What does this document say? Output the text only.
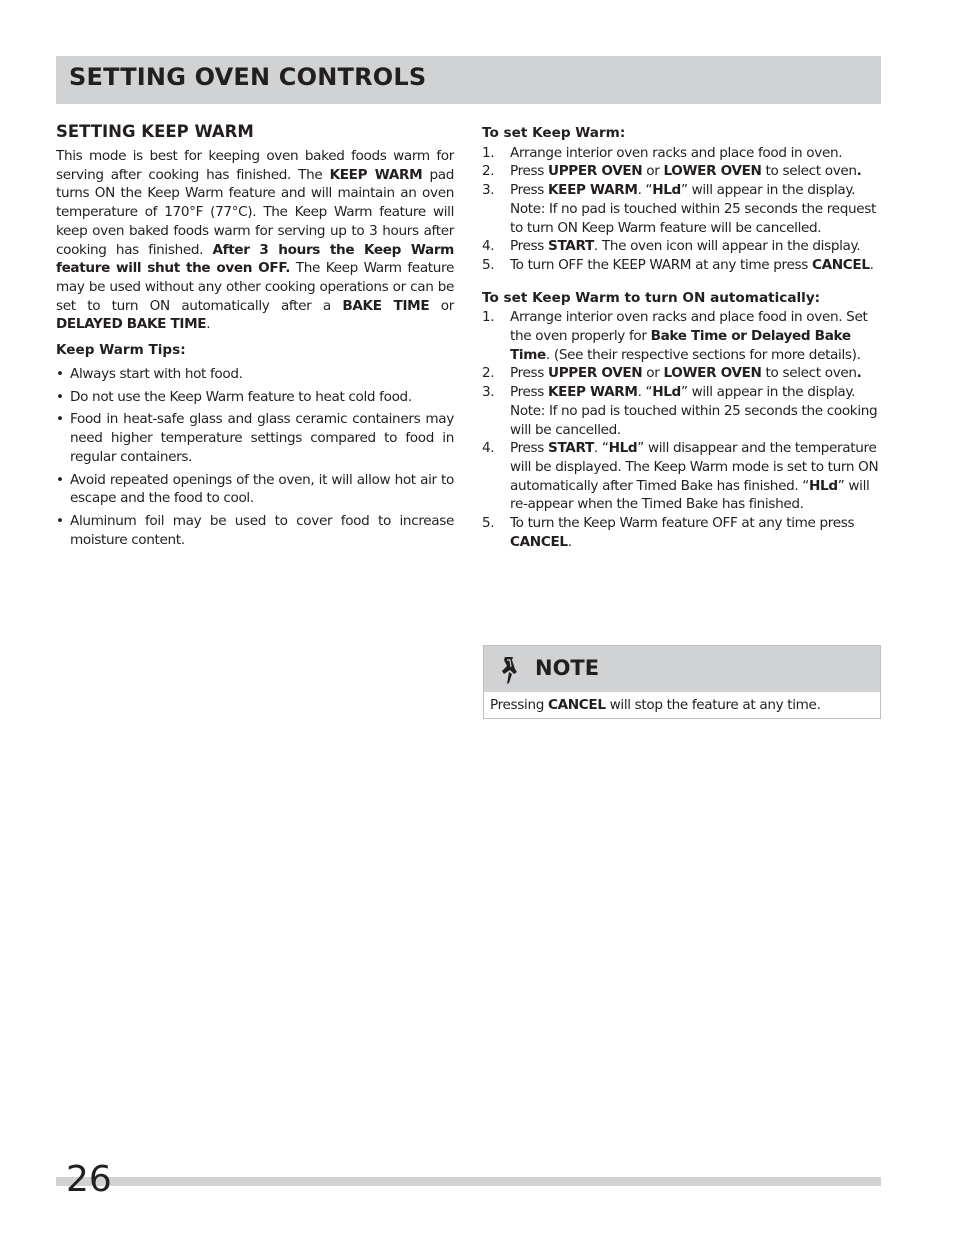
SETTING OVEN CONTROLS
SETTING KEEP WARM

This mode is best for keeping oven baked foods warm for serving after cooking has finished. The KEEP WARM pad turns ON the Keep Warm feature and will maintain an oven temperature of 170°F (77°C). The Keep Warm feature will keep oven baked foods warm for serving up to 3 hours after cooking has finished. After 3 hours the Keep Warm feature will shut the oven OFF. The Keep Warm feature may be used without any other cooking operations or can be set to turn ON automatically after a BAKE TIME or DELAYED BAKE TIME.

Keep Warm Tips:
• Always start with hot food.
• Do not use the Keep Warm feature to heat cold food.
• Food in heat-safe glass and glass ceramic containers may need higher temperature settings compared to food in regular containers.
• Avoid repeated openings of the oven, it will allow hot air to escape and the food to cool.
• Aluminum foil may be used to cover food to increase moisture content.
To set Keep Warm:
1. Arrange interior oven racks and place food in oven.
2. Press UPPER OVEN or LOWER OVEN to select oven.
3. Press KEEP WARM. “HLd” will appear in the display. Note: If no pad is touched within 25 seconds the request to turn ON Keep Warm feature will be cancelled.
4. Press START. The oven icon will appear in the display.
5. To turn OFF the KEEP WARM at any time press CANCEL.
To set Keep Warm to turn ON automatically:
1. Arrange interior oven racks and place food in oven. Set the oven properly for Bake Time or Delayed Bake Time. (See their respective sections for more details).
2. Press UPPER OVEN or LOWER OVEN to select oven.
3. Press KEEP WARM. “HLd” will appear in the display. Note: If no pad is touched within 25 seconds the cooking will be cancelled.
4. Press START. “HLd” will disappear and the temperature will be displayed. The Keep Warm mode is set to turn ON automatically after Timed Bake has finished. “HLd” will re-appear when the Timed Bake has finished.
5. To turn the Keep Warm feature OFF at any time press CANCEL.
NOTE
Pressing CANCEL will stop the feature at any time.
26
